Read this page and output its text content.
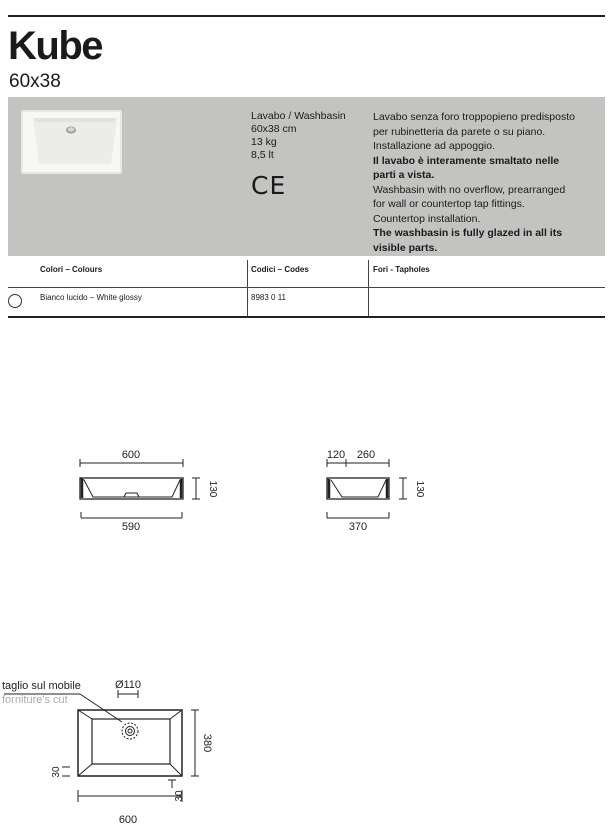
Kube
60x38
Lavabo / Washbasin
60x38 cm
13 kg
8,5 lt
CE
Lavabo senza foro troppopieno predisposto
per rubinetteria da parete o su piano.
Installazione ad appoggio.
Il lavabo è interamente smaltato nelle
parti a vista.
Washbasin with no overflow, prearranged
for wall or countertop tap fittings.
Countertop installation.
The washbasin is fully glazed in all its
visible parts.
Colori – Colours	Codici – Codes	Fori - Tapholes
Bianco lucido – White glossy	8983 0 11
600
590
130
120 260
370
130
taglio sul mobile
forniture's cut
Ø110
380
600
30
30
